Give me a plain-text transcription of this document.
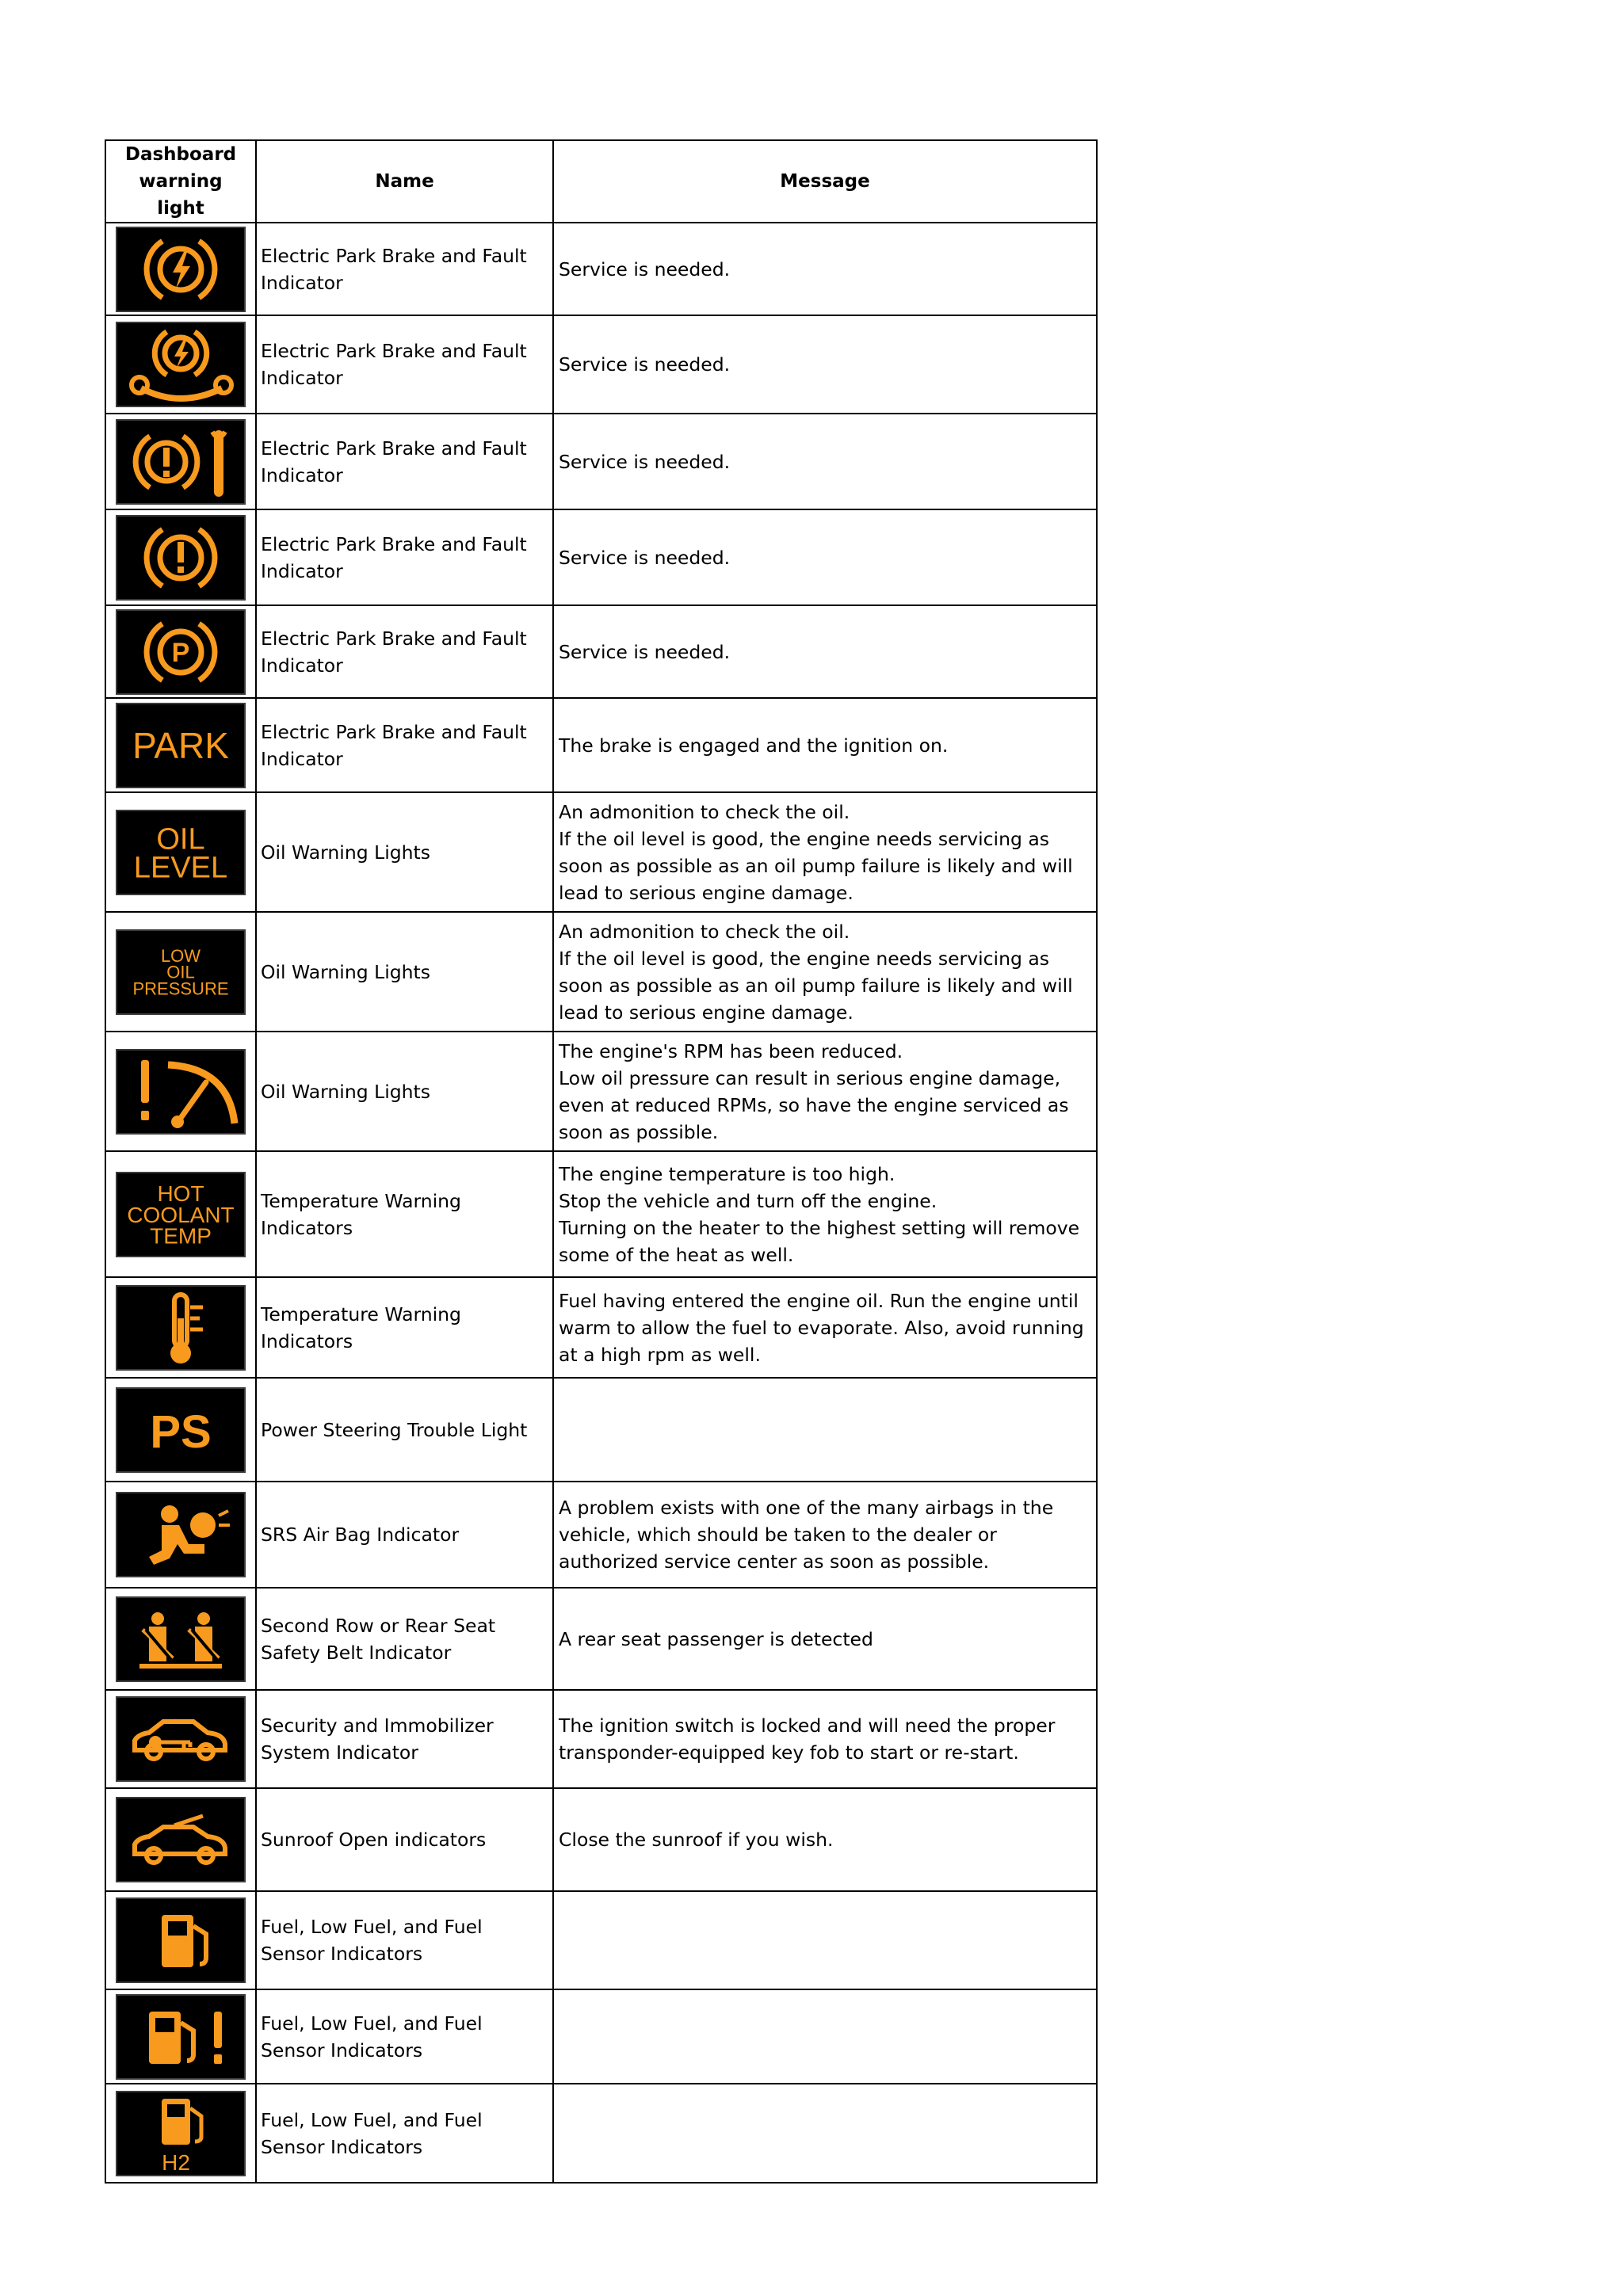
Dashboard warning light	Name	Message

	Electric Park Brake and Fault Indicator	Service is needed.

	Electric Park Brake and Fault Indicator	Service is needed.

	Electric Park Brake and Fault Indicator	Service is needed.

	Electric Park Brake and Fault Indicator	Service is needed.

P	Electric Park Brake and Fault Indicator	Service is needed.

PARK	Electric Park Brake and Fault Indicator	The brake is engaged and the ignition on.

OIL
LEVEL	Oil Warning Lights	An admonition to check the oil.
If the oil level is good, the engine needs servicing as soon as possible as an oil pump failure is likely and will lead to serious engine damage.

LOW
OIL
PRESSURE	Oil Warning Lights	An admonition to check the oil.
If the oil level is good, the engine needs servicing as soon as possible as an oil pump failure is likely and will lead to serious engine damage.

	Oil Warning Lights	The engine's RPM has been reduced.
Low oil pressure can result in serious engine damage, even at reduced RPMs, so have the engine serviced as soon as possible.

HOT
COOLANT
TEMP	Temperature Warning Indicators	The engine temperature is too high.
Stop the vehicle and turn off the engine.
Turning on the heater to the highest setting will remove some of the heat as well.

	Temperature Warning Indicators	Fuel having entered the engine oil. Run the engine until warm to allow the fuel to evaporate. Also, avoid running at a high rpm as well.

PS	Power Steering Trouble Light	

	SRS Air Bag Indicator	A problem exists with one of the many airbags in the vehicle, which should be taken to the dealer or authorized service center as soon as possible.

	Second Row or Rear Seat Safety Belt Indicator	A rear seat passenger is detected

	Security and Immobilizer System Indicator	The ignition switch is locked and will need the proper transponder-equipped key fob to start or re-start.

	Sunroof Open indicators	Close the sunroof if you wish.

	Fuel, Low Fuel, and Fuel Sensor Indicators	

	Fuel, Low Fuel, and Fuel Sensor Indicators	

H2	Fuel, Low Fuel, and Fuel Sensor Indicators	
